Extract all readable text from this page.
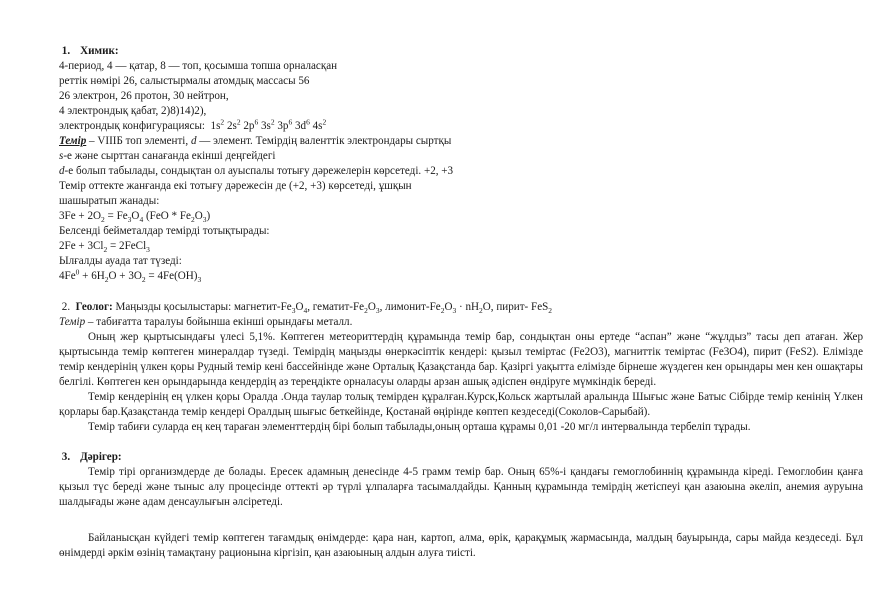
1. Химик:
4-период, 4 — қатар, 8 — топ, қосымша топша орналасқан
реттік нөмірі 26, салыстырмалы атомдық массасы 56
26 электрон, 26 протон, 30 нейтрон,
4 электрондық қабат, 2)8)14)2),
электрондық конфигурациясы: $1s^2$ $2s^2$ $2p^6$ $3s^2$ $3p^6$ $3d^6$ $4s^2$
Темір – VIIIБ топ элементі, d — элемент. Темірдің валенттік электрондары сыртқы
s-е және сырттан санағанда екінші деңгейдегі
d-е болып табылады, сондықтан ол ауыспалы тотығу дәрежелерін көрсетеді. +2, +3
Темір оттекте жанғанда екі тотығу дәрежесін де (+2, +3) көрсетеді, ұшқын
шашыратып жанады:
$3Fe + 2O_2 = Fe_3O_4$ $(FeO * Fe_2O_3)$
Белсенді бейметалдар темірді тотықтырады:
$2Fe + 3Cl_2$ = 2FeCl$_3$
Ылғалды ауада тат түзеді:
$4Fe^0 + 6H_2O + 3O_2 = 4Fe(OH)_3$
2. Геолог: Маңызды қосылыстары: магнетит-$Fe_3O_4$, гематит-$Fe_2O_3$, лимонит-$Fe_2O_3 \cdot nH_2O$, пирит- FeS$_2$
Темір – табиғатта таралуы бойынша екінші орындағы металл.
Оның жер қыртысындағы үлесі 5,1%. Көптеген метеориттердің құрамында темір бар, сондықтан оны ертеде “аспан” және “жұлдыз” тасы деп атаған. Жер қыртысында темір көптеген минералдар түзеді. Темірдің маңызды өнеркәсіптік кендері: қызыл теміртас (Fe2O3), магниттік теміртас (Fe3O4), пирит (FeS2). Елімізде темір кендерінің үлкен қоры Рудный темір кені бассейнінде және Орталық Қазақстанда бар. Қазіргі уақытта елімізде бірнеше жүздеген кен орындары мен кен ошақтары белгілі. Көптеген кен орындарында кендердің аз тереңдікте орналасуы оларды арзан ашық әдіспен өндіруге мүмкіндік береді.
Темір кендерінің ең үлкен қоры Оралда .Онда таулар толық темірден құралған.Курск,Кольск жартылай аралында Шығыс және Батыс Сібірде темір кенінің Үлкен қорлары бар.Қазақстанда темір кендері Оралдың шығыс беткейінде, Қостанай өңірінде көптеп кездеседі(Соколов-Сарыбай).
Темір табиғи суларда ең кең тараған элементтердің бірі болып табылады,оның орташа құрамы 0,01 -20 мг/л интервалында тербеліп тұрады.
3. Дәрігер:
Темір тірі организмдерде де болады. Ересек адамның денесінде 4-5 грамм темір бар. Оның 65%-і қандағы гемоглобиннің құрамында кіреді. Гемоглобин қанға қызыл түс береді және тыныс алу процесінде оттекті әр түрлі ұлпаларға тасымалдайды. Қанның құрамында темірдің жетіспеуі қан азаюына әкеліп, анемия ауруына шалдығады және адам денсаулығын әлсіретеді.
Байланысқан күйдегі темір көптеген тағамдық өнімдерде: қара нан, картоп, алма, өрік, қарақұмық жармасында, малдың бауырында, сары майда кездеседі. Бұл өнімдерді әркім өзінің тамақтану рационына кіргізіп, қан азаюының алдын алуға тиісті.
